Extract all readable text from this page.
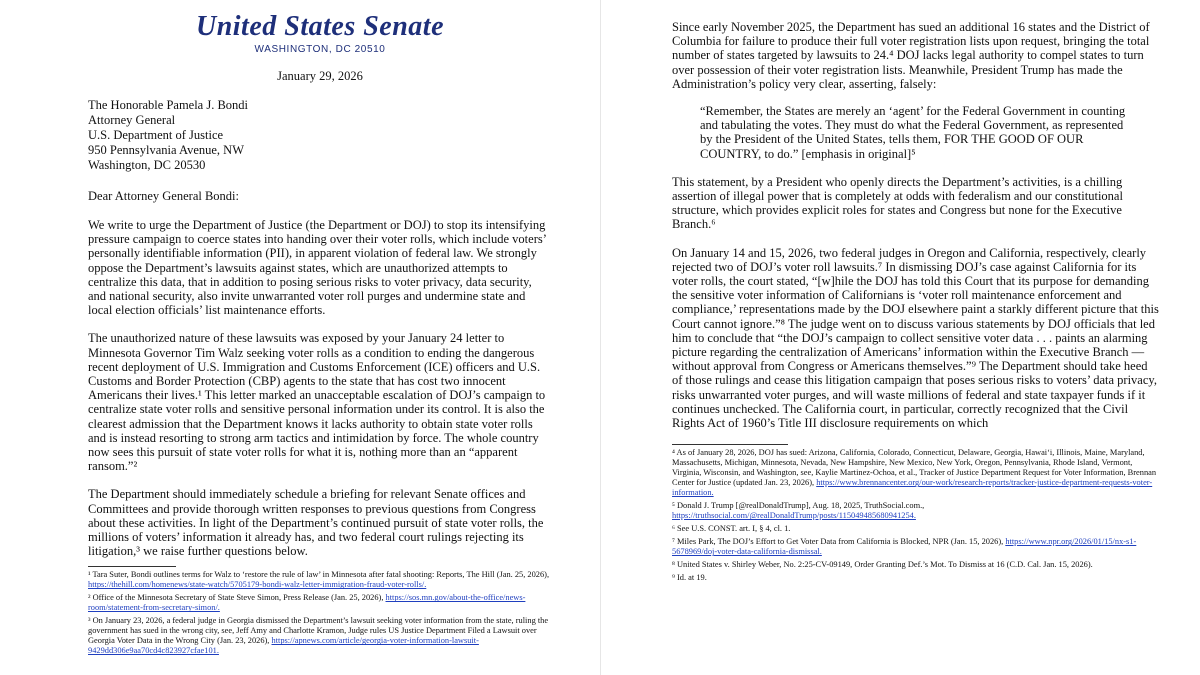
United States Senate
WASHINGTON, DC 20510
January 29, 2026
The Honorable Pamela J. Bondi
Attorney General
U.S. Department of Justice
950 Pennsylvania Avenue, NW
Washington, DC 20530
Dear Attorney General Bondi:

We write to urge the Department of Justice (the Department or DOJ) to stop its intensifying pressure campaign to coerce states into handing over their voter rolls, which include voters’ personally identifiable information (PII), in apparent violation of federal law. We strongly oppose the Department’s lawsuits against states, which are unauthorized attempts to centralize this data, that in addition to posing serious risks to voter privacy, data security, and national security, also invite unwarranted voter roll purges and undermine state and local election officials’ list maintenance efforts.

The unauthorized nature of these lawsuits was exposed by your January 24 letter to Minnesota Governor Tim Walz seeking voter rolls as a condition to ending the dangerous recent deployment of U.S. Immigration and Customs Enforcement (ICE) officers and U.S. Customs and Border Protection (CBP) agents to the state that has cost two innocent Americans their lives.¹ This letter marked an unacceptable escalation of DOJ’s campaign to centralize state voter rolls and sensitive personal information under its control. It is also the clearest admission that the Department knows it lacks authority to obtain state voter rolls and is instead resorting to strong arm tactics and intimidation by force. The whole country now sees this pursuit of state voter rolls for what it is, nothing more than an “apparent ransom.”²

The Department should immediately schedule a briefing for relevant Senate offices and Committees and provide thorough written responses to previous questions from Congress about these activities. In light of the Department’s continued pursuit of state voter rolls, the millions of voters’ information it already has, and two federal court rulings rejecting its litigation,³ we raise further questions below.

¹ Tara Suter, Bondi outlines terms for Walz to ‘restore the rule of law’ in Minnesota after fatal shooting: Reports, The Hill (Jan. 25, 2026), https://thehill.com/homenews/state-watch/5705179-bondi-walz-letter-immigration-fraud-voter-rolls/.
² Office of the Minnesota Secretary of State Steve Simon, Press Release (Jan. 25, 2026), https://sos.mn.gov/about-the-office/news-room/statement-from-secretary-simon/.
³ On January 23, 2026, a federal judge in Georgia dismissed the Department’s lawsuit seeking voter information from the state, ruling the government has sued in the wrong city, see, Jeff Amy and Charlotte Kramon, Judge rules US Justice Department Filed a Lawsuit over Georgia Voter Data in the Wrong City (Jan. 23, 2026), https://apnews.com/article/georgia-voter-information-lawsuit-9429dd306e9aa70cd4c823927cfae101.

Since early November 2025, the Department has sued an additional 16 states and the District of Columbia for failure to produce their full voter registration lists upon request, bringing the total number of states targeted by lawsuits to 24.⁴ DOJ lacks legal authority to compel states to turn over possession of their voter registration lists. Meanwhile, President Trump has made the Administration’s policy very clear, asserting, falsely:

“Remember, the States are merely an ‘agent’ for the Federal Government in counting and tabulating the votes. They must do what the Federal Government, as represented by the President of the United States, tells them, FOR THE GOOD OF OUR COUNTRY, to do.” [emphasis in original]⁵

This statement, by a President who openly directs the Department’s activities, is a chilling assertion of illegal power that is completely at odds with federalism and our constitutional structure, which provides explicit roles for states and Congress but none for the Executive Branch.⁶

On January 14 and 15, 2026, two federal judges in Oregon and California, respectively, clearly rejected two of DOJ’s voter roll lawsuits.⁷ In dismissing DOJ’s case against California for its voter rolls, the court stated, “[w]hile the DOJ has told this Court that its purpose for demanding the sensitive voter information of Californians is ‘voter roll maintenance enforcement and compliance,’ representations made by the DOJ elsewhere paint a starkly different picture that this Court cannot ignore.”⁸ The judge went on to discuss various statements by DOJ officials that led him to conclude that “the DOJ’s campaign to collect sensitive voter data . . . paints an alarming picture regarding the centralization of Americans’ information within the Executive Branch — without approval from Congress or Americans themselves.”⁹ The Department should take heed of those rulings and cease this litigation campaign that poses serious risks to voters’ data privacy, risks unwarranted voter purges, and will waste millions of federal and state taxpayer funds if it continues unchecked. The California court, in particular, correctly recognized that the Civil Rights Act of 1960’s Title III disclosure requirements on which

⁴ As of January 28, 2026, DOJ has sued: Arizona, California, Colorado, Connecticut, Delaware, Georgia, Hawai‘i, Illinois, Maine, Maryland, Massachusetts, Michigan, Minnesota, Nevada, New Hampshire, New Mexico, New York, Oregon, Pennsylvania, Rhode Island, Vermont, Virginia, Wisconsin, and Washington, see, Kaylie Martinez-Ochoa, et al., Tracker of Justice Department Request for Voter Information, Brennan Center for Justice (updated Jan. 23, 2026), https://www.brennancenter.org/our-work/research-reports/tracker-justice-department-requests-voter-information.
⁵ Donald J. Trump [@realDonaldTrump], Aug. 18, 2025, TruthSocial.com., https://truthsocial.com/@realDonaldTrump/posts/115049485680941254.
⁶ See U.S. CONST. art. I, § 4, cl. 1.
⁷ Miles Park, The DOJ’s Effort to Get Voter Data from California is Blocked, NPR (Jan. 15, 2026), https://www.npr.org/2026/01/15/nx-s1-5678969/doj-voter-data-california-dismissal.
⁸ United States v. Shirley Weber, No. 2:25-CV-09149, Order Granting Def.’s Mot. To Dismiss at 16 (C.D. Cal. Jan. 15, 2026).
⁹ Id. at 19.
